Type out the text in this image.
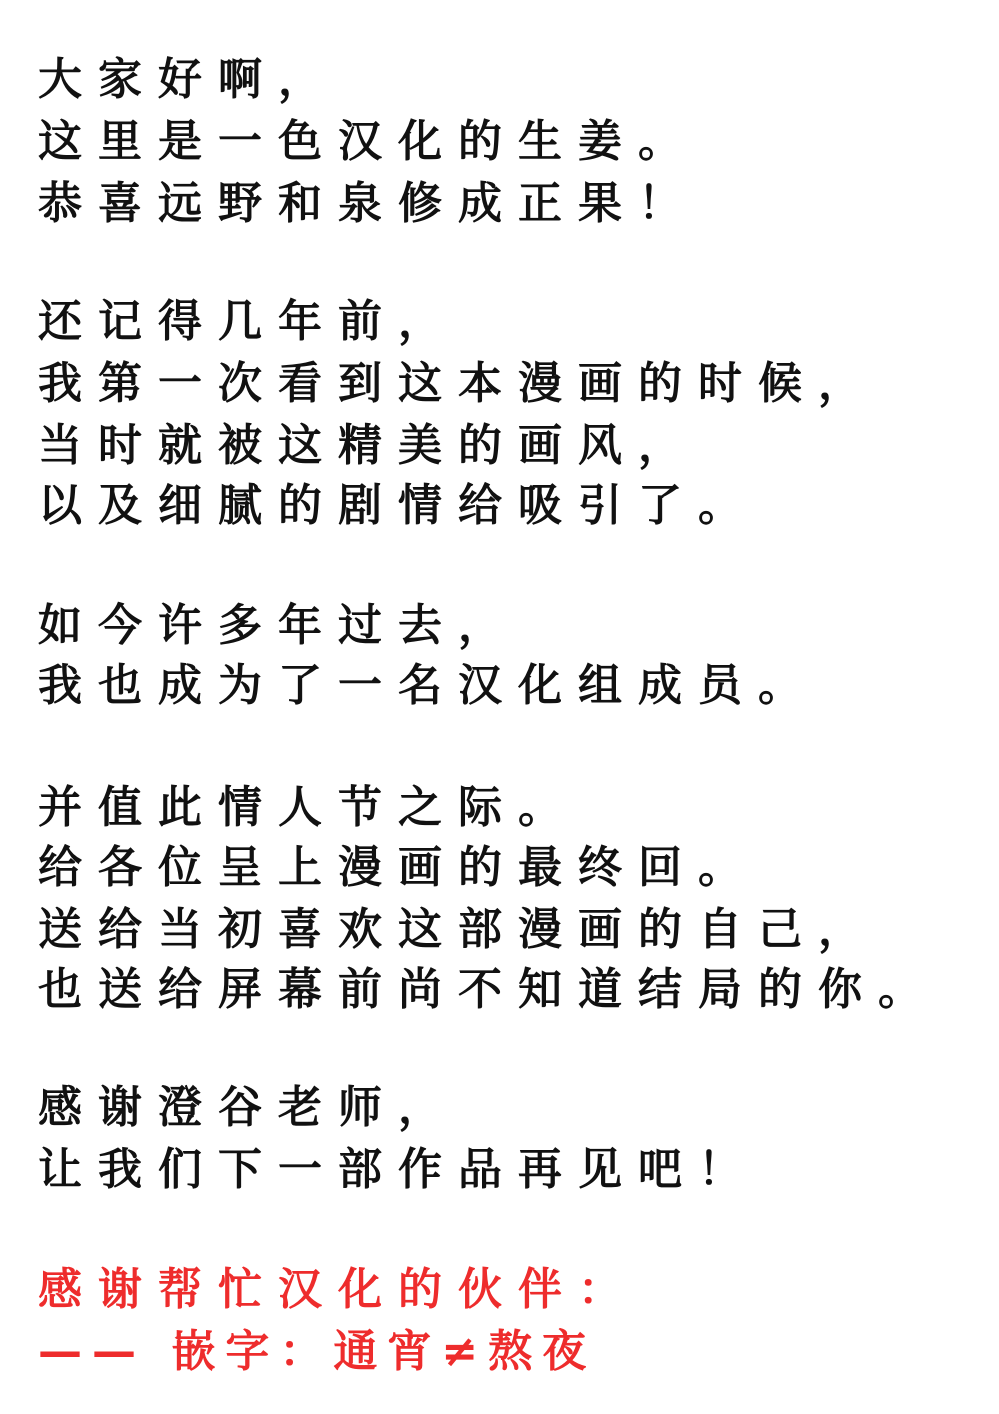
大家好啊，
这里是一色汉化的生姜。
恭喜远野和泉修成正果！
还记得几年前，
我第一次看到这本漫画的时候，
当时就被这精美的画风，
以及细腻的剧情给吸引了。
如今许多年过去，
我也成为了一名汉化组成员。
并值此情人节之际。
给各位呈上漫画的最终回。
送给当初喜欢这部漫画的自己，
也送给屏幕前尚不知道结局的你。
感谢澄谷老师，
让我们下一部作品再见吧！
感谢帮忙汉化的伙伴：
—— 嵌字：通宵≠熬夜
